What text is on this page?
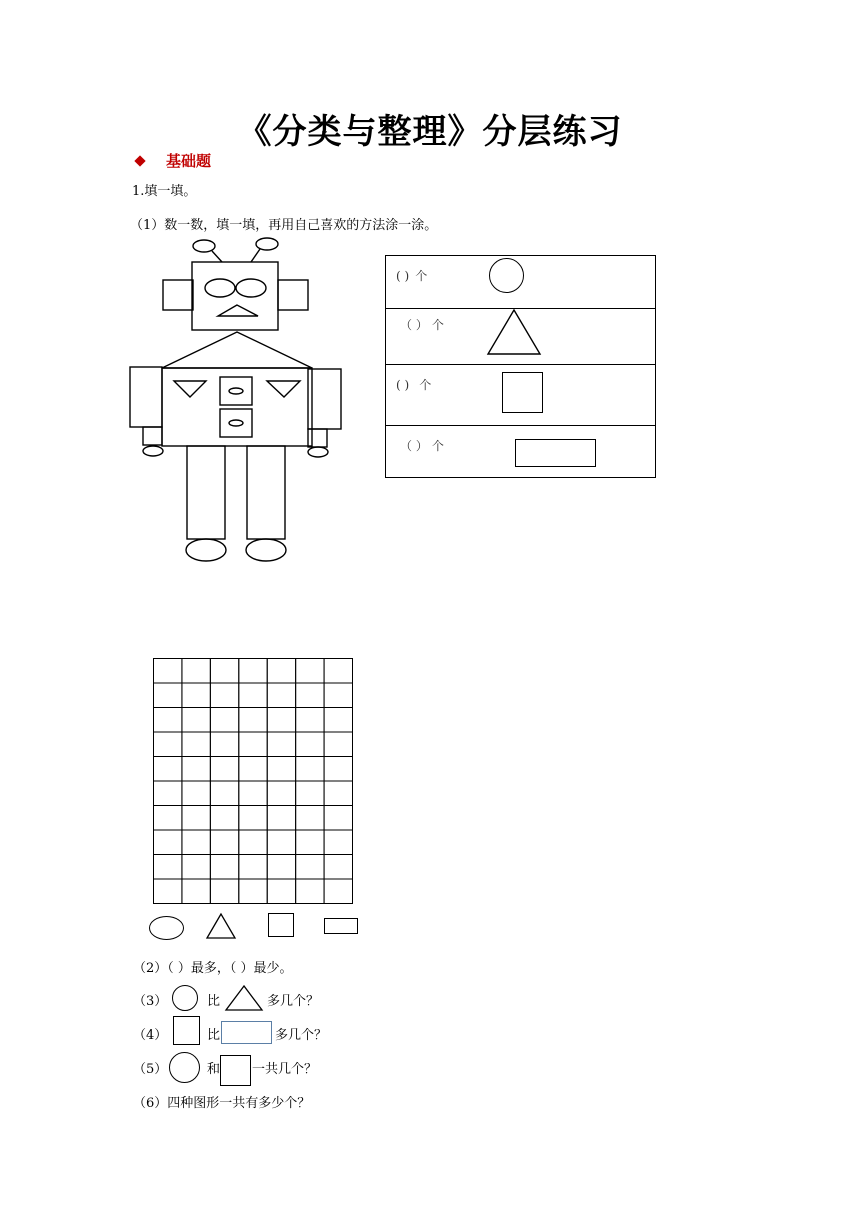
《分类与整理》分层练习
基础题
1.填一填。
（1）数一数，填一填，再用自己喜欢的方法涂一涂。
( ) 个
（ ） 个
( ) 个
（ ） 个
（2）（ ）最多，（ ）最少。
（3）	比	多几个？
（4）	比	多几个？
（5）	和 一共几个？
（6）四种图形一共有多少个？
